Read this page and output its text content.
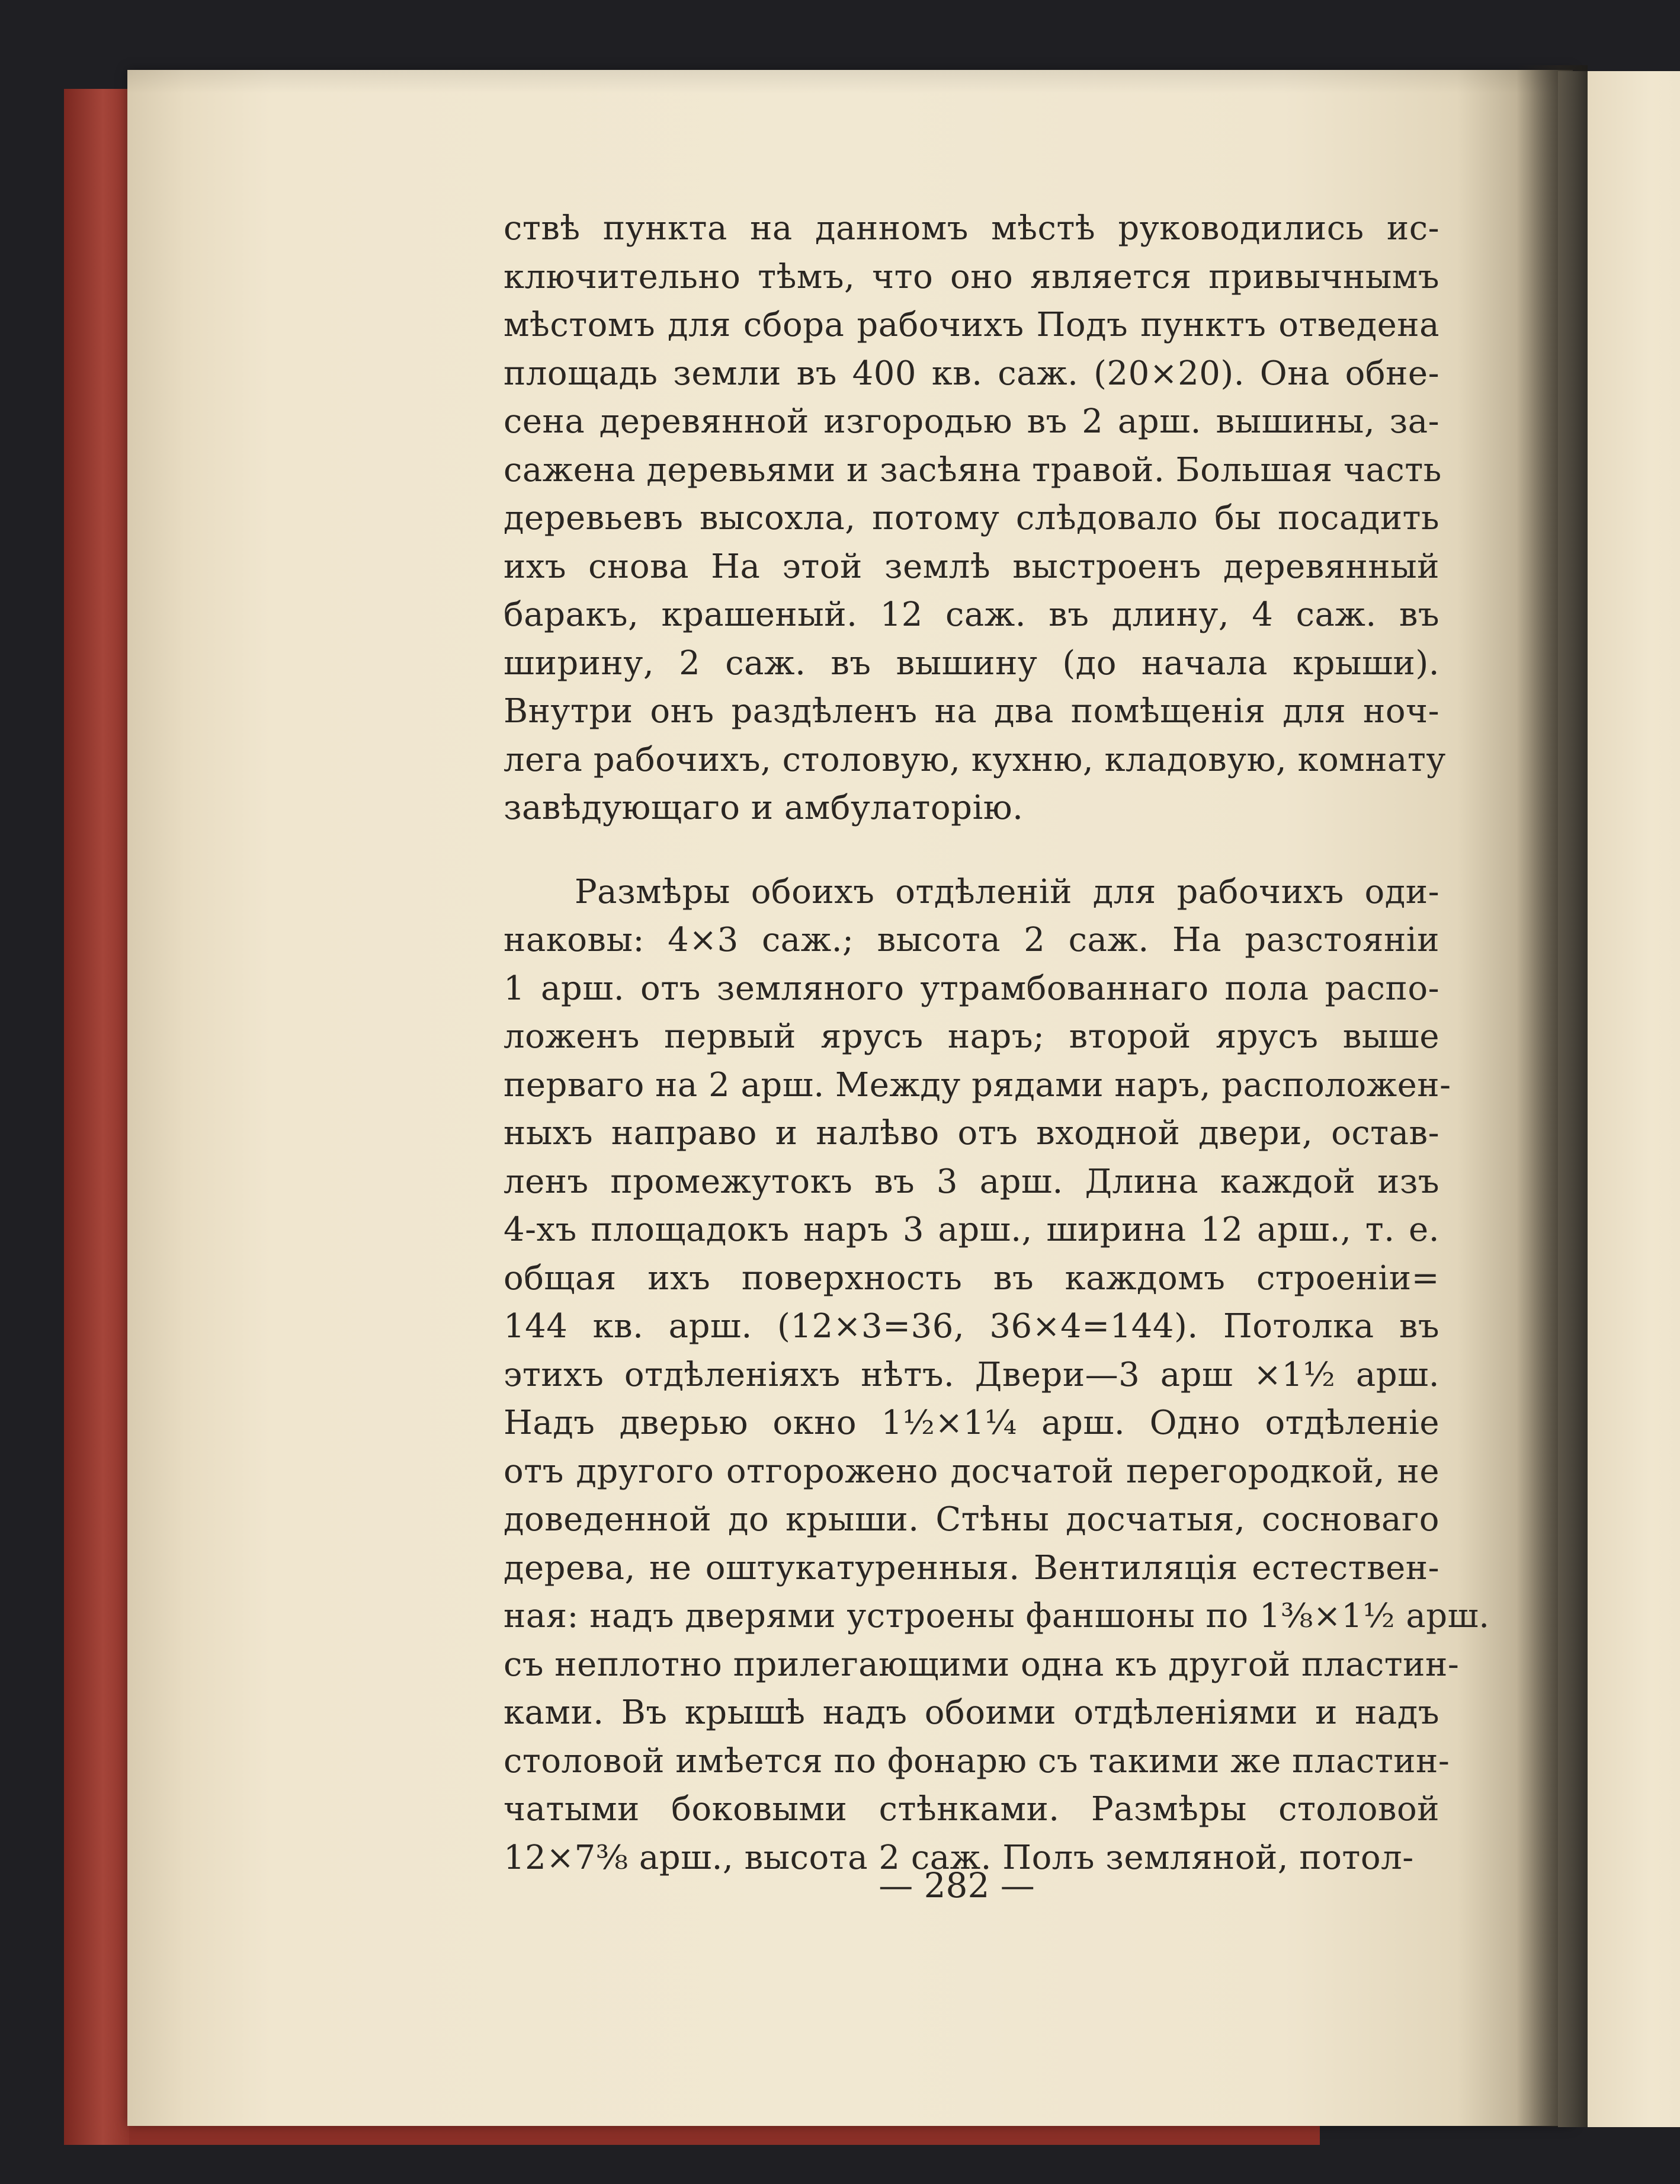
ствѣ пункта на данномъ мѣстѣ руководились ис-
ключительно тѣмъ, что оно является привычнымъ
мѣстомъ для сбора рабочихъ Подъ пунктъ отведена
площадь земли въ 400 кв. саж. (20×20). Она обне-
сена деревянной изгородью въ 2 арш. вышины, за-
сажена деревьями и засѣяна травой. Большая часть
деревьевъ высохла, потому слѣдовало бы посадить
ихъ снова На этой землѣ выстроенъ деревянный
баракъ, крашеный. 12 саж. въ длину, 4 саж. въ
ширину, 2 саж. въ вышину (до начала крыши).
Внутри онъ раздѣленъ на два помѣщенія для ноч-
лега рабочихъ, столовую, кухню, кладовую, комнату
завѣдующаго и амбулаторію.
Размѣры обоихъ отдѣленій для рабочихъ оди-
наковы: 4×3 саж.; высота 2 саж. На разстояніи
1 арш. отъ земляного утрамбованнаго пола распо-
ложенъ первый ярусъ наръ; второй ярусъ выше
перваго на 2 арш. Между рядами наръ, расположен-
ныхъ направо и налѣво отъ входной двери, остав-
ленъ промежутокъ въ 3 арш. Длина каждой изъ
4-хъ площадокъ наръ 3 арш., ширина 12 арш., т. е.
общая ихъ поверхность въ каждомъ строеніи=
144 кв. арш. (12×3=36, 36×4=144). Потолка въ
этихъ отдѣленіяхъ нѣтъ. Двери—3 арш ×1½ арш.
Надъ дверью окно 1½×1¼ арш. Одно отдѣленіе
отъ другого отгорожено досчатой перегородкой, не
доведенной до крыши. Стѣны досчатыя, сосноваго
дерева, не оштукатуренныя. Вентиляція естествен-
ная: надъ дверями устроены фаншоны по 1⅜×1½ арш.
съ неплотно прилегающими одна къ другой пластин-
ками. Въ крышѣ надъ обоими отдѣленіями и надъ
столовой имѣется по фонарю съ такими же пластин-
чатыми боковыми стѣнками. Размѣры столовой
12×7⅜ арш., высота 2 саж. Полъ земляной, потол-
— 282 —
